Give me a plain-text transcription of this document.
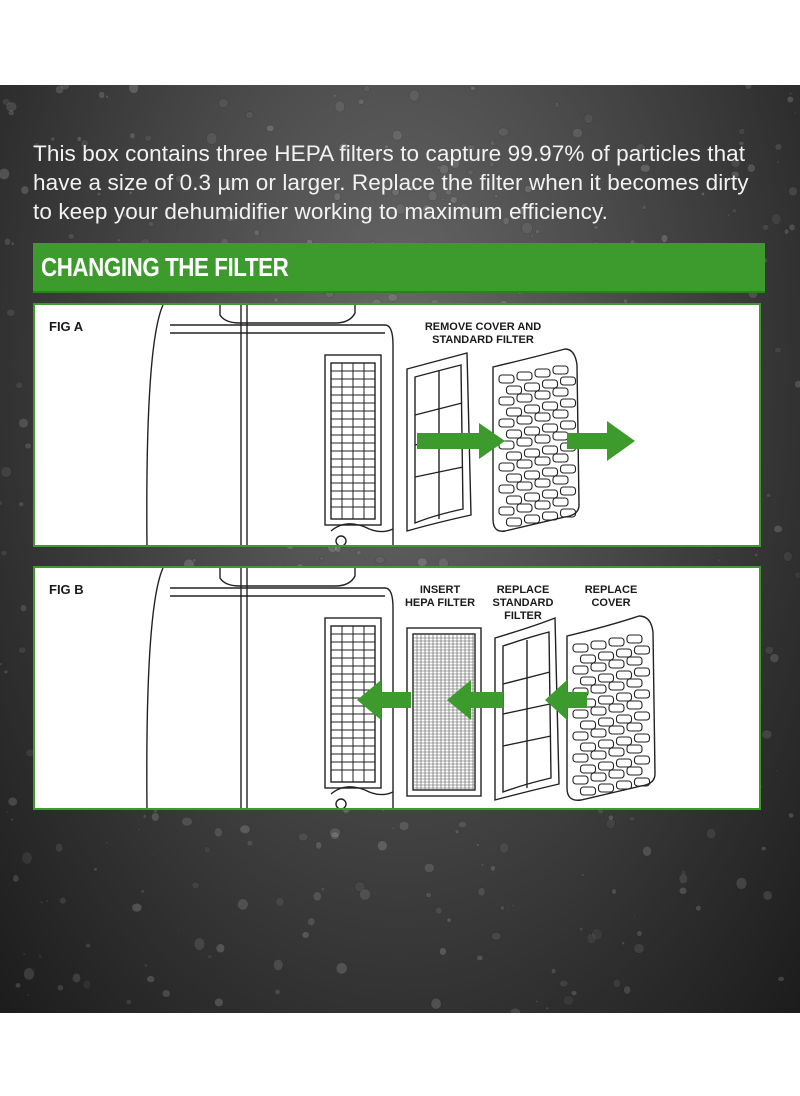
This box contains three HEPA filters to capture 99.97% of particles that have a size of 0.3 µm or larger. Replace the filter when it becomes dirty to keep your dehumidifier working to maximum efficiency.

CHANGING THE FILTER
FIG A	REMOVE COVER AND
STANDARD FILTER
FIG B	INSERT
HEPA FILTER
REPLACE
STANDARD
FILTER
REPLACE
COVER
